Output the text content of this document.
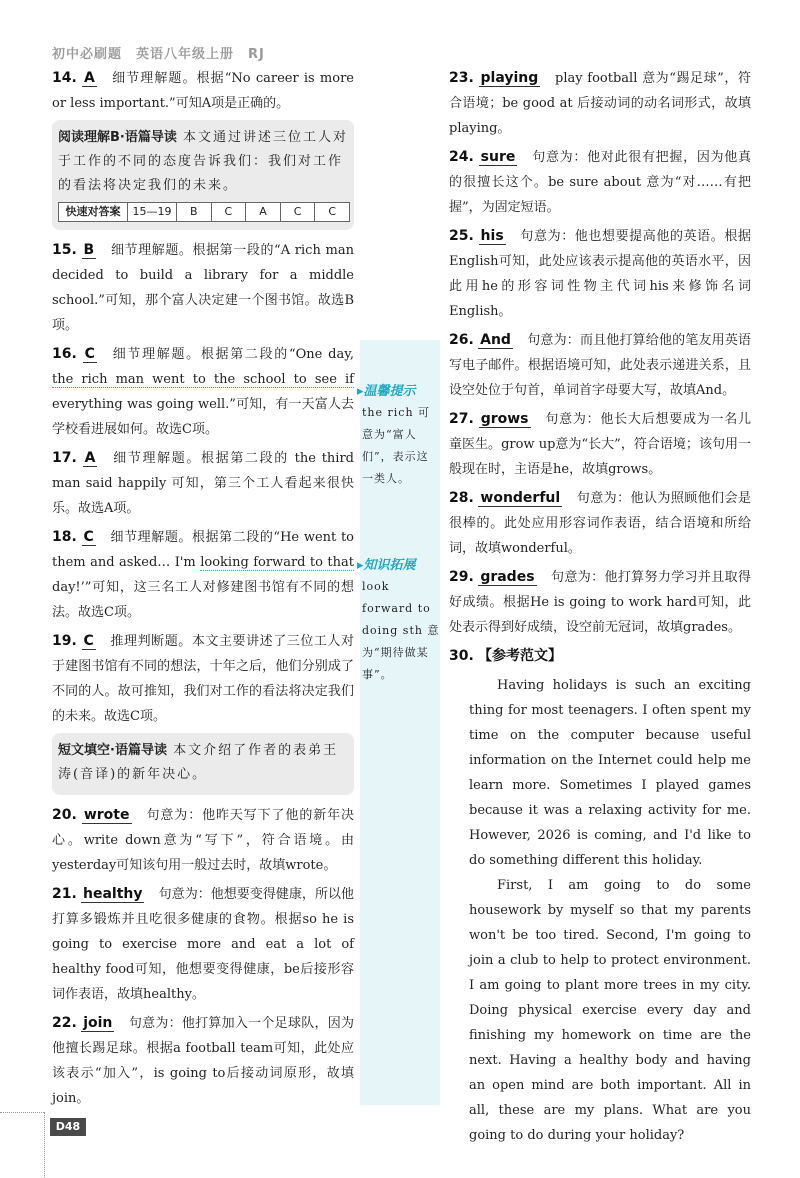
初中必刷题　英语八年级上册　RJ
▸温馨提示
the rich 可意为“富人们”，表示这一类人。
▸知识拓展
look forward to doing sth 意为“期待做某事”。
14. A 细节理解题。根据“No career is more or less important.”可知A项是正确的。
阅读理解B·语篇导读 本文通过讲述三位工人对于工作的不同的态度告诉我们：我们对工作的看法将决定我们的未来。
快速对答案	15—19	B	C	A	C	C
15. B 细节理解题。根据第一段的“A rich man decided to build a library for a middle school.”可知，那个富人决定建一个图书馆。故选B项。
16. C 细节理解题。根据第二段的“One day, the rich man went to the school to see if everything was going well.”可知，有一天富人去学校看进展如何。故选C项。
17. A 细节理解题。根据第二段的 the third man said happily 可知，第三个工人看起来很快乐。故选A项。
18. C 细节理解题。根据第二段的“He went to them and asked… I'm looking forward to that day!’”可知，这三名工人对修建图书馆有不同的想法。故选C项。
19. C 推理判断题。本文主要讲述了三位工人对于建图书馆有不同的想法，十年之后，他们分别成了不同的人。故可推知，我们对工作的看法将决定我们的未来。故选C项。
短文填空·语篇导读 本文介绍了作者的表弟王涛(音译)的新年决心。
20. wrote 句意为：他昨天写下了他的新年决心。write down意为“写下”，符合语境。由yesterday可知该句用一般过去时，故填wrote。
21. healthy 句意为：他想要变得健康，所以他打算多锻炼并且吃很多健康的食物。根据so he is going to exercise more and eat a lot of healthy food可知，他想要变得健康，be后接形容词作表语，故填healthy。
22. join 句意为：他打算加入一个足球队，因为他擅长踢足球。根据a football team可知，此处应该表示“加入”，is going to后接动词原形，故填join。
23. playing play football 意为“踢足球”，符合语境；be good at 后接动词的动名词形式，故填playing。
24. sure 句意为：他对此很有把握，因为他真的很擅长这个。be sure about 意为“对……有把握”，为固定短语。
25. his 句意为：他也想要提高他的英语。根据English可知，此处应该表示提高他的英语水平，因此用he的形容词性物主代词his来修饰名词English。
26. And 句意为：而且他打算给他的笔友用英语写电子邮件。根据语境可知，此处表示递进关系，且设空处位于句首，单词首字母要大写，故填And。
27. grows 句意为：他长大后想要成为一名儿童医生。grow up意为“长大”，符合语境；该句用一般现在时，主语是he，故填grows。
28. wonderful 句意为：他认为照顾他们会是很棒的。此处应用形容词作表语，结合语境和所给词，故填wonderful。
29. grades 句意为：他打算努力学习并且取得好成绩。根据He is going to work hard可知，此处表示得到好成绩，设空前无冠词，故填grades。
30. 【参考范文】

Having holidays is such an exciting thing for most teenagers. I often spent my time on the computer because useful information on the Internet could help me learn more. Sometimes I played games because it was a relaxing activity for me. However, 2026 is coming, and I'd like to do something different this holiday.

First, I am going to do some housework by myself so that my parents won't be too tired. Second, I'm going to join a club to help to protect environment. I am going to plant more trees in my city. Doing physical exercise every day and finishing my homework on time are the next. Having a healthy body and having an open mind are both important. All in all, these are my plans. What are you going to do during your holiday?

D48
